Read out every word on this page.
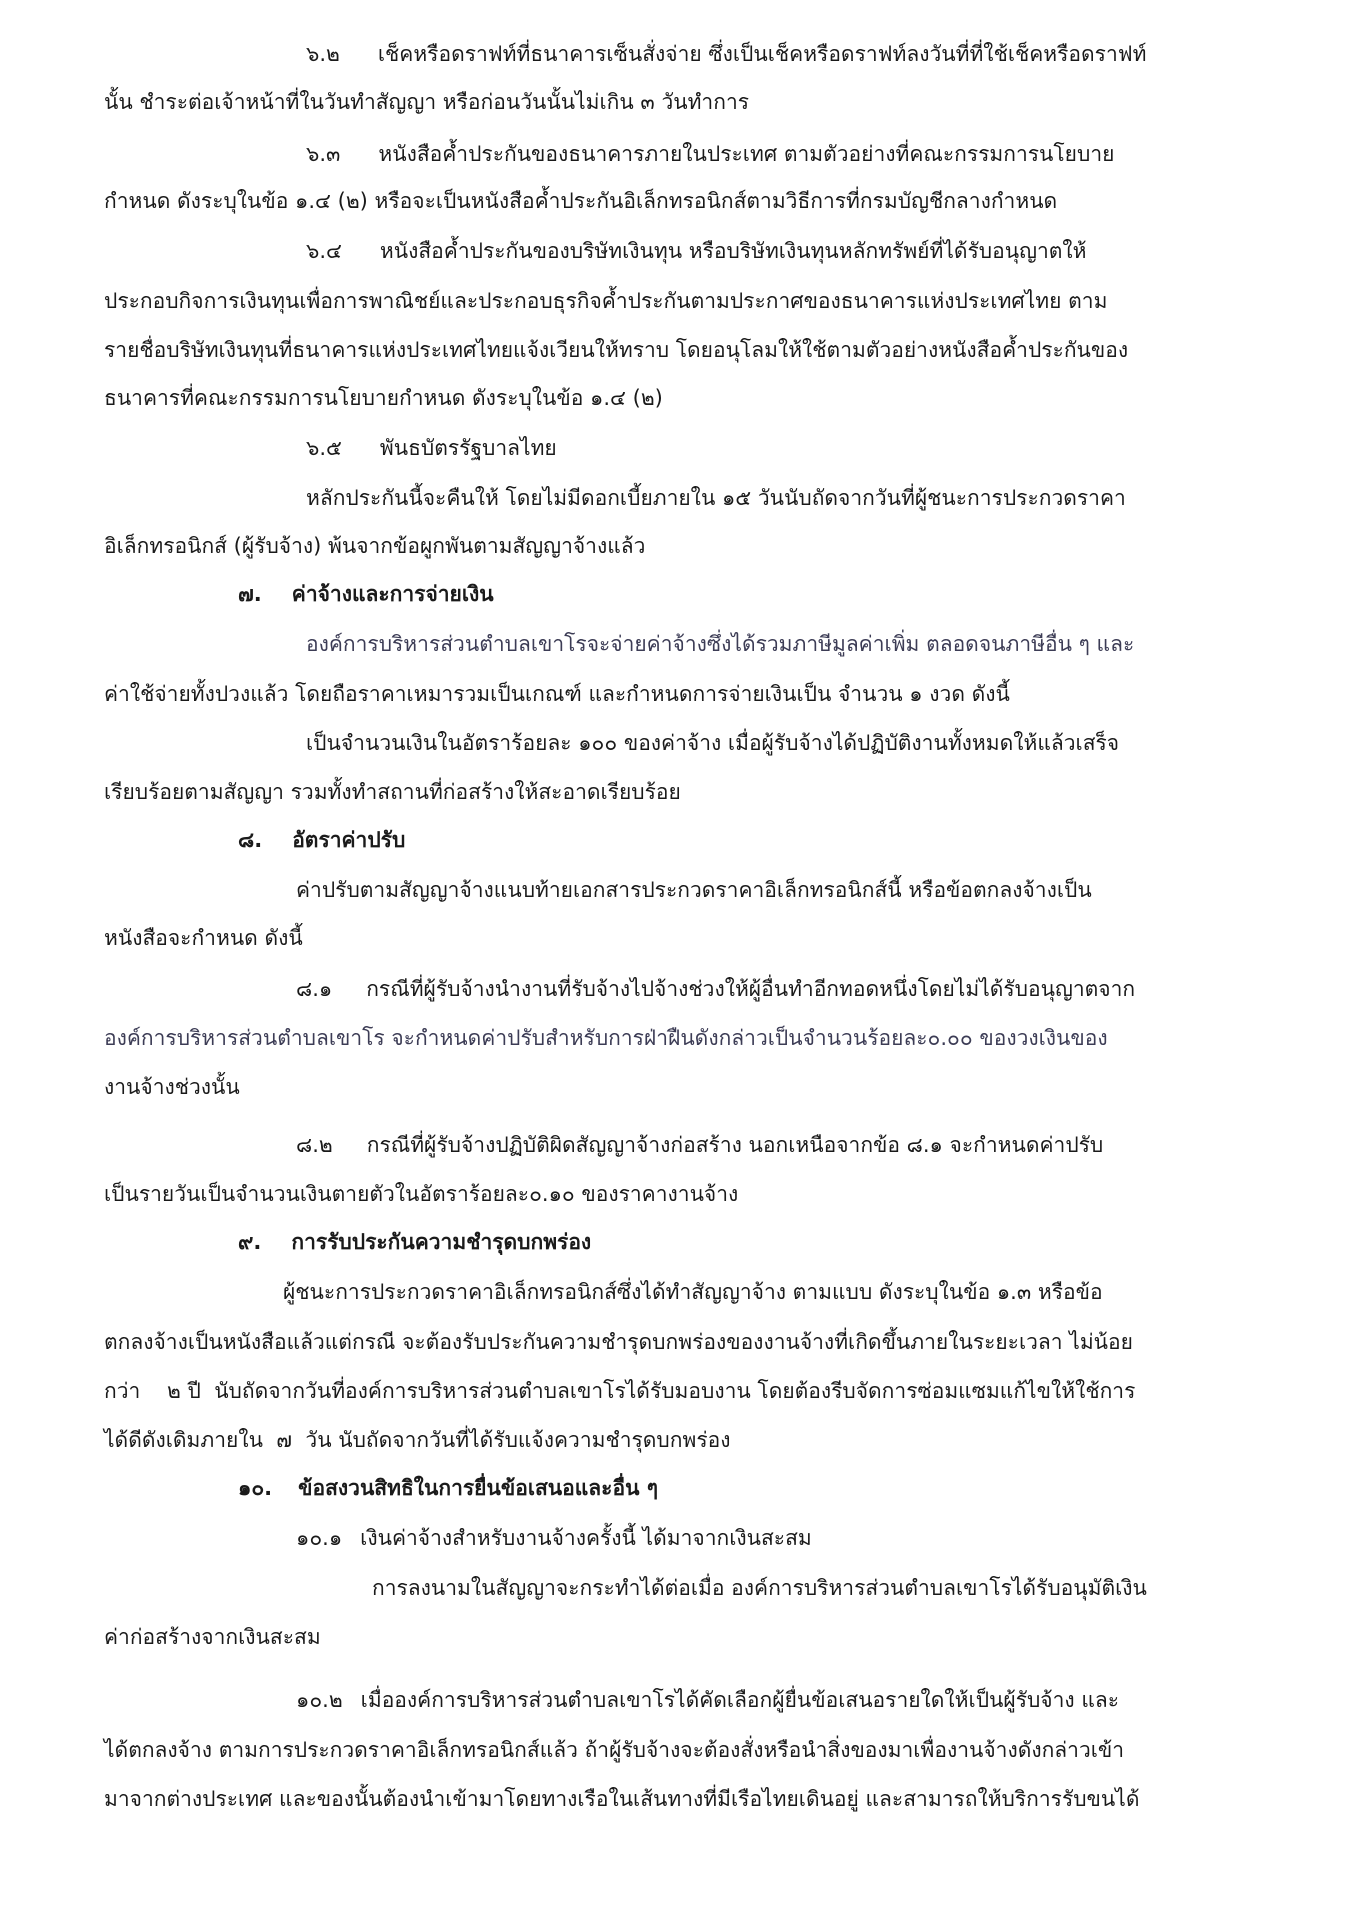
๖.๒ เช็คหรือดราฟท์ที่ธนาคารเซ็นสั่งจ่าย ซึ่งเป็นเช็คหรือดราฟท์ลงวันที่ที่ใช้เช็คหรือดราฟท์
นั้น ชำระต่อเจ้าหน้าที่ในวันทำสัญญา หรือก่อนวันนั้นไม่เกิน ๓ วันทำการ
๖.๓ หนังสือค้ำประกันของธนาคารภายในประเทศ ตามตัวอย่างที่คณะกรรมการนโยบาย
กำหนด ดังระบุในข้อ ๑.๔ (๒) หรือจะเป็นหนังสือค้ำประกันอิเล็กทรอนิกส์ตามวิธีการที่กรมบัญชีกลางกำหนด
๖.๔ หนังสือค้ำประกันของบริษัทเงินทุน หรือบริษัทเงินทุนหลักทรัพย์ที่ได้รับอนุญาตให้
ประกอบกิจการเงินทุนเพื่อการพาณิชย์และประกอบธุรกิจค้ำประกันตามประกาศของธนาคารแห่งประเทศไทย ตาม
รายชื่อบริษัทเงินทุนที่ธนาคารแห่งประเทศไทยแจ้งเวียนให้ทราบ โดยอนุโลมให้ใช้ตามตัวอย่างหนังสือค้ำประกันของ
ธนาคารที่คณะกรรมการนโยบายกำหนด ดังระบุในข้อ ๑.๔ (๒)
๖.๕ พันธบัตรรัฐบาลไทย
หลักประกันนี้จะคืนให้ โดยไม่มีดอกเบี้ยภายใน ๑๕ วันนับถัดจากวันที่ผู้ชนะการประกวดราคา
อิเล็กทรอนิกส์ (ผู้รับจ้าง) พ้นจากข้อผูกพันตามสัญญาจ้างแล้ว
๗. ค่าจ้างและการจ่ายเงิน
องค์การบริหารส่วนตำบลเขาโรจะจ่ายค่าจ้างซึ่งได้รวมภาษีมูลค่าเพิ่ม ตลอดจนภาษีอื่น ๆ และ
ค่าใช้จ่ายทั้งปวงแล้ว โดยถือราคาเหมารวมเป็นเกณฑ์ และกำหนดการจ่ายเงินเป็น จำนวน ๑ งวด ดังนี้
เป็นจำนวนเงินในอัตราร้อยละ ๑๐๐ ของค่าจ้าง เมื่อผู้รับจ้างได้ปฏิบัติงานทั้งหมดให้แล้วเสร็จ
เรียบร้อยตามสัญญา รวมทั้งทำสถานที่ก่อสร้างให้สะอาดเรียบร้อย
๘. อัตราค่าปรับ
ค่าปรับตามสัญญาจ้างแนบท้ายเอกสารประกวดราคาอิเล็กทรอนิกส์นี้ หรือข้อตกลงจ้างเป็น
หนังสือจะกำหนด ดังนี้
๘.๑ กรณีที่ผู้รับจ้างนำงานที่รับจ้างไปจ้างช่วงให้ผู้อื่นทำอีกทอดหนึ่งโดยไม่ได้รับอนุญาตจาก
องค์การบริหารส่วนตำบลเขาโร จะกำหนดค่าปรับสำหรับการฝ่าฝืนดังกล่าวเป็นจำนวนร้อยละ๐.๐๐ ของวงเงินของ
งานจ้างช่วงนั้น
๘.๒ กรณีที่ผู้รับจ้างปฏิบัติผิดสัญญาจ้างก่อสร้าง นอกเหนือจากข้อ ๘.๑ จะกำหนดค่าปรับ
เป็นรายวันเป็นจำนวนเงินตายตัวในอัตราร้อยละ๐.๑๐ ของราคางานจ้าง
๙. การรับประกันความชำรุดบกพร่อง
ผู้ชนะการประกวดราคาอิเล็กทรอนิกส์ซึ่งได้ทำสัญญาจ้าง ตามแบบ ดังระบุในข้อ ๑.๓ หรือข้อ
ตกลงจ้างเป็นหนังสือแล้วแต่กรณี จะต้องรับประกันความชำรุดบกพร่องของงานจ้างที่เกิดขึ้นภายในระยะเวลา ไม่น้อย
กว่า    ๒ ปี  นับถัดจากวันที่องค์การบริหารส่วนตำบลเขาโรได้รับมอบงาน โดยต้องรีบจัดการซ่อมแซมแก้ไขให้ใช้การ
ได้ดีดังเดิมภายใน  ๗  วัน นับถัดจากวันที่ได้รับแจ้งความชำรุดบกพร่อง
๑๐. ข้อสงวนสิทธิในการยื่นข้อเสนอและอื่น ๆ
๑๐.๑ เงินค่าจ้างสำหรับงานจ้างครั้งนี้ ได้มาจากเงินสะสม
การลงนามในสัญญาจะกระทำได้ต่อเมื่อ องค์การบริหารส่วนตำบลเขาโรได้รับอนุมัติเงิน
ค่าก่อสร้างจากเงินสะสม
๑๐.๒ เมื่อองค์การบริหารส่วนตำบลเขาโรได้คัดเลือกผู้ยื่นข้อเสนอรายใดให้เป็นผู้รับจ้าง และ
ได้ตกลงจ้าง ตามการประกวดราคาอิเล็กทรอนิกส์แล้ว ถ้าผู้รับจ้างจะต้องสั่งหรือนำสิ่งของมาเพื่องานจ้างดังกล่าวเข้า
มาจากต่างประเทศ และของนั้นต้องนำเข้ามาโดยทางเรือในเส้นทางที่มีเรือไทยเดินอยู่ และสามารถให้บริการรับขนได้
